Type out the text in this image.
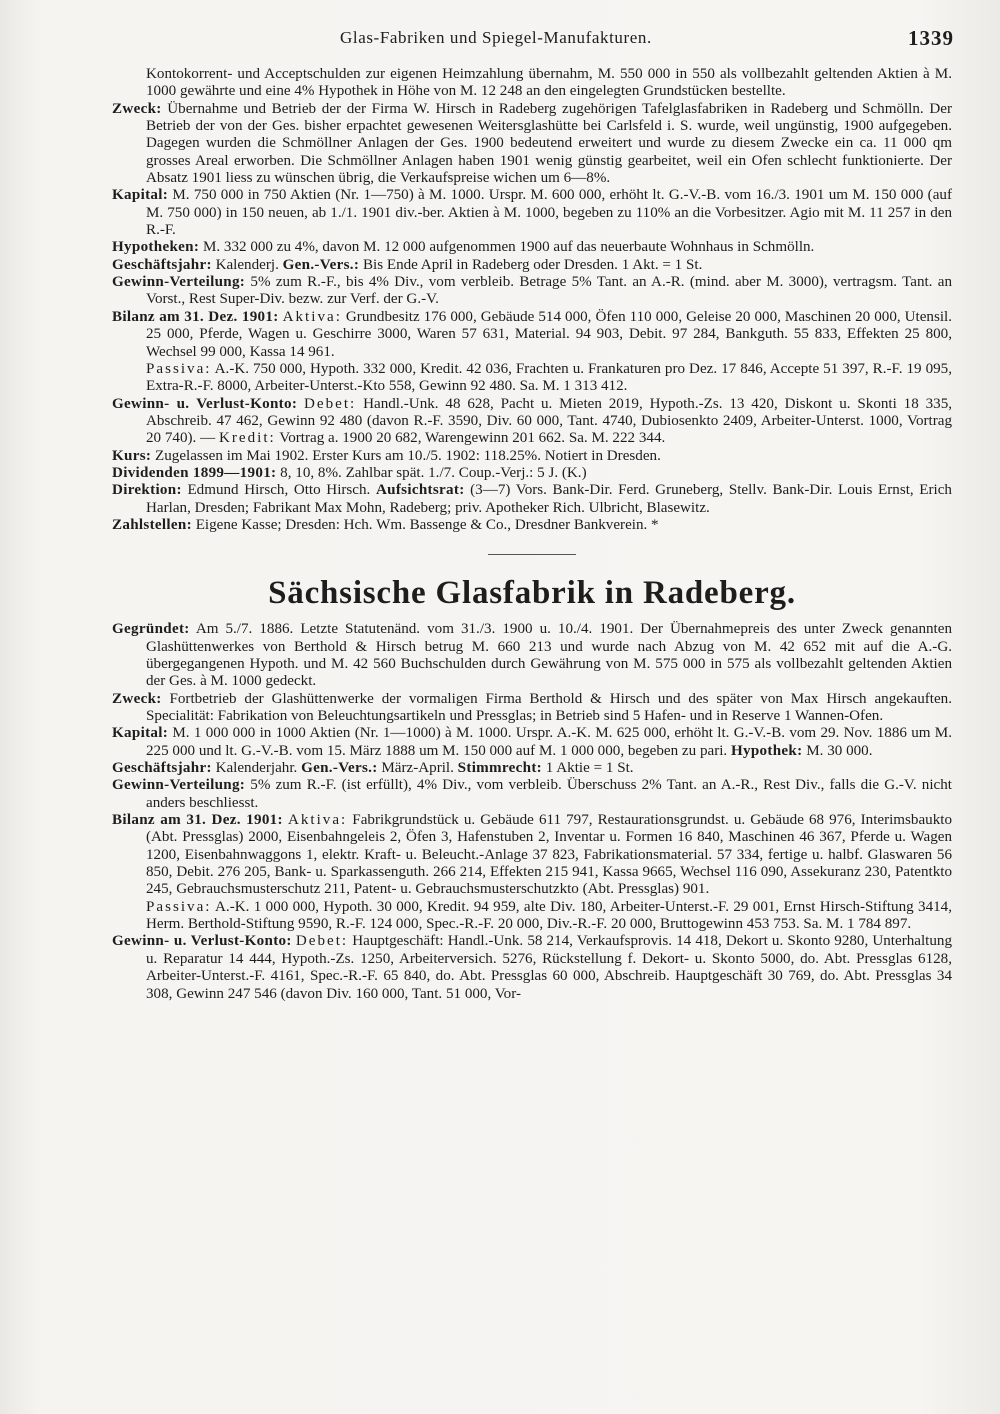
Glas-Fabriken und Spiegel-Manufakturen.	1339

Kontokorrent- und Acceptschulden zur eigenen Heimzahlung übernahm, M. 550 000 in 550 als vollbezahlt geltenden Aktien à M. 1000 gewährte und eine 4% Hypothek in Höhe von M. 12 248 an den eingelegten Grundstücken bestellte.

Zweck: Übernahme und Betrieb der der Firma W. Hirsch in Radeberg zugehörigen Tafelglasfabriken in Radeberg und Schmölln. Der Betrieb der von der Ges. bisher erpachtet gewesenen Weitersglashütte bei Carlsfeld i. S. wurde, weil ungünstig, 1900 aufgegeben. Dagegen wurden die Schmöllner Anlagen der Ges. 1900 bedeutend erweitert und wurde zu diesem Zwecke ein ca. 11 000 qm grosses Areal erworben. Die Schmöllner Anlagen haben 1901 wenig günstig gearbeitet, weil ein Ofen schlecht funktionierte. Der Absatz 1901 liess zu wünschen übrig, die Verkaufspreise wichen um 6—8%.

Kapital: M. 750 000 in 750 Aktien (Nr. 1—750) à M. 1000. Urspr. M. 600 000, erhöht lt. G.-V.-B. vom 16./3. 1901 um M. 150 000 (auf M. 750 000) in 150 neuen, ab 1./1. 1901 div.-ber. Aktien à M. 1000, begeben zu 110% an die Vorbesitzer. Agio mit M. 11 257 in den R.-F.

Hypotheken: M. 332 000 zu 4%, davon M. 12 000 aufgenommen 1900 auf das neuerbaute Wohnhaus in Schmölln.

Geschäftsjahr: Kalenderj. Gen.-Vers.: Bis Ende April in Radeberg oder Dresden. 1 Akt. = 1 St.

Gewinn-Verteilung: 5% zum R.-F., bis 4% Div., vom verbleib. Betrage 5% Tant. an A.-R. (mind. aber M. 3000), vertragsm. Tant. an Vorst., Rest Super-Div. bezw. zur Verf. der G.-V.

Bilanz am 31. Dez. 1901: Aktiva: Grundbesitz 176 000, Gebäude 514 000, Öfen 110 000, Geleise 20 000, Maschinen 20 000, Utensil. 25 000, Pferde, Wagen u. Geschirre 3000, Waren 57 631, Material. 94 903, Debit. 97 284, Bankguth. 55 833, Effekten 25 800, Wechsel 99 000, Kassa 14 961.

Passiva: A.-K. 750 000, Hypoth. 332 000, Kredit. 42 036, Frachten u. Frankaturen pro Dez. 17 846, Accepte 51 397, R.-F. 19 095, Extra-R.-F. 8000, Arbeiter-Unterst.-Kto 558, Gewinn 92 480. Sa. M. 1 313 412.

Gewinn- u. Verlust-Konto: Debet: Handl.-Unk. 48 628, Pacht u. Mieten 2019, Hypoth.-Zs. 13 420, Diskont u. Skonti 18 335, Abschreib. 47 462, Gewinn 92 480 (davon R.-F. 3590, Div. 60 000, Tant. 4740, Dubiosenkto 2409, Arbeiter-Unterst. 1000, Vortrag 20 740). — Kredit: Vortrag a. 1900 20 682, Warengewinn 201 662. Sa. M. 222 344.

Kurs: Zugelassen im Mai 1902. Erster Kurs am 10./5. 1902: 118.25%. Notiert in Dresden.

Dividenden 1899—1901: 8, 10, 8%. Zahlbar spät. 1./7. Coup.-Verj.: 5 J. (K.)

Direktion: Edmund Hirsch, Otto Hirsch. Aufsichtsrat: (3—7) Vors. Bank-Dir. Ferd. Gruneberg, Stellv. Bank-Dir. Louis Ernst, Erich Harlan, Dresden; Fabrikant Max Mohn, Radeberg; priv. Apotheker Rich. Ulbricht, Blasewitz.

Zahlstellen: Eigene Kasse; Dresden: Hch. Wm. Bassenge & Co., Dresdner Bankverein. *

Sächsische Glasfabrik in Radeberg.

Gegründet: Am 5./7. 1886. Letzte Statutenänd. vom 31./3. 1900 u. 10./4. 1901. Der Übernahmepreis des unter Zweck genannten Glashüttenwerkes von Berthold & Hirsch betrug M. 660 213 und wurde nach Abzug von M. 42 652 mit auf die A.-G. übergegangenen Hypoth. und M. 42 560 Buchschulden durch Gewährung von M. 575 000 in 575 als vollbezahlt geltenden Aktien der Ges. à M. 1000 gedeckt.

Zweck: Fortbetrieb der Glashüttenwerke der vormaligen Firma Berthold & Hirsch und des später von Max Hirsch angekauften. Specialität: Fabrikation von Beleuchtungsartikeln und Pressglas; in Betrieb sind 5 Hafen- und in Reserve 1 Wannen-Ofen.

Kapital: M. 1 000 000 in 1000 Aktien (Nr. 1—1000) à M. 1000. Urspr. A.-K. M. 625 000, erhöht lt. G.-V.-B. vom 29. Nov. 1886 um M. 225 000 und lt. G.-V.-B. vom 15. März 1888 um M. 150 000 auf M. 1 000 000, begeben zu pari. Hypothek: M. 30 000.

Geschäftsjahr: Kalenderjahr. Gen.-Vers.: März-April. Stimmrecht: 1 Aktie = 1 St.

Gewinn-Verteilung: 5% zum R.-F. (ist erfüllt), 4% Div., vom verbleib. Überschuss 2% Tant. an A.-R., Rest Div., falls die G.-V. nicht anders beschliesst.

Bilanz am 31. Dez. 1901: Aktiva: Fabrikgrundstück u. Gebäude 611 797, Restaurationsgrundst. u. Gebäude 68 976, Interimsbaukto (Abt. Pressglas) 2000, Eisenbahngeleis 2, Öfen 3, Hafenstuben 2, Inventar u. Formen 16 840, Maschinen 46 367, Pferde u. Wagen 1200, Eisenbahnwaggons 1, elektr. Kraft- u. Beleucht.-Anlage 37 823, Fabrikationsmaterial. 57 334, fertige u. halbf. Glaswaren 56 850, Debit. 276 205, Bank- u. Sparkassenguth. 266 214, Effekten 215 941, Kassa 9665, Wechsel 116 090, Assekuranz 230, Patentkto 245, Gebrauchsmusterschutz 211, Patent- u. Gebrauchsmusterschutzkto (Abt. Pressglas) 901.

Passiva: A.-K. 1 000 000, Hypoth. 30 000, Kredit. 94 959, alte Div. 180, Arbeiter-Unterst.-F. 29 001, Ernst Hirsch-Stiftung 3414, Herm. Berthold-Stiftung 9590, R.-F. 124 000, Spec.-R.-F. 20 000, Div.-R.-F. 20 000, Bruttogewinn 453 753. Sa. M. 1 784 897.

Gewinn- u. Verlust-Konto: Debet: Hauptgeschäft: Handl.-Unk. 58 214, Verkaufsprovis. 14 418, Dekort u. Skonto 9280, Unterhaltung u. Reparatur 14 444, Hypoth.-Zs. 1250, Arbeiterversich. 5276, Rückstellung f. Dekort- u. Skonto 5000, do. Abt. Pressglas 6128, Arbeiter-Unterst.-F. 4161, Spec.-R.-F. 65 840, do. Abt. Pressglas 60 000, Abschreib. Hauptgeschäft 30 769, do. Abt. Pressglas 34 308, Gewinn 247 546 (davon Div. 160 000, Tant. 51 000, Vor-
